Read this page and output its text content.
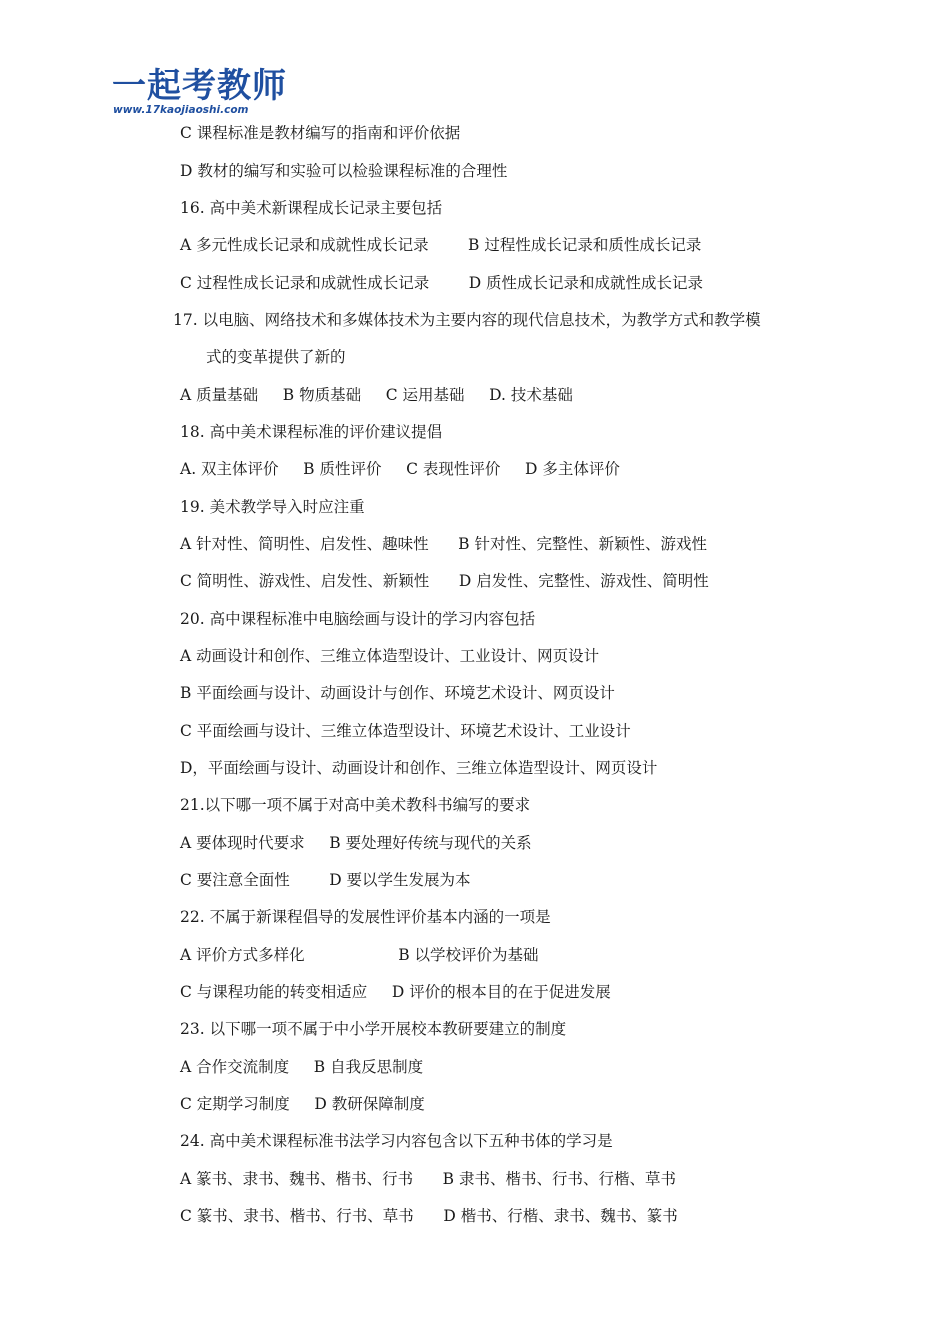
一起考教师
www.17kaojiaoshi.com
C 课程标准是教材编写的指南和评价依据
D 教材的编写和实验可以检验课程标准的合理性
16. 高中美术新课程成长记录主要包括
A 多元性成长记录和成就性成长记录        B 过程性成长记录和质性成长记录
C 过程性成长记录和成就性成长记录        D 质性成长记录和成就性成长记录
17. 以电脑、网络技术和多媒体技术为主要内容的现代信息技术，为教学方式和教学模
式的变革提供了新的
A 质量基础     B 物质基础     C 运用基础     D. 技术基础
18. 高中美术课程标准的评价建议提倡
A. 双主体评价     B 质性评价     C 表现性评价     D 多主体评价
19. 美术教学导入时应注重
A 针对性、简明性、启发性、趣味性      B 针对性、完整性、新颖性、游戏性
C 简明性、游戏性、启发性、新颖性      D 启发性、完整性、游戏性、简明性
20. 高中课程标准中电脑绘画与设计的学习内容包括
A 动画设计和创作、三维立体造型设计、工业设计、网页设计
B 平面绘画与设计、动画设计与创作、环境艺术设计、网页设计
C 平面绘画与设计、三维立体造型设计、环境艺术设计、工业设计
D，平面绘画与设计、动画设计和创作、三维立体造型设计、网页设计
21.以下哪一项不属于对高中美术教科书编写的要求
A 要体现时代要求     B 要处理好传统与现代的关系
C 要注意全面性        D 要以学生发展为本
22. 不属于新课程倡导的发展性评价基本内涵的一项是
A 评价方式多样化                   B 以学校评价为基础
C 与课程功能的转变相适应     D 评价的根本目的在于促进发展
23. 以下哪一项不属于中小学开展校本教研要建立的制度
A 合作交流制度     B 自我反思制度
C 定期学习制度     D 教研保障制度
24. 高中美术课程标准书法学习内容包含以下五种书体的学习是
A 篆书、隶书、魏书、楷书、行书      B 隶书、楷书、行书、行楷、草书
C 篆书、隶书、楷书、行书、草书      D 楷书、行楷、隶书、魏书、篆书
